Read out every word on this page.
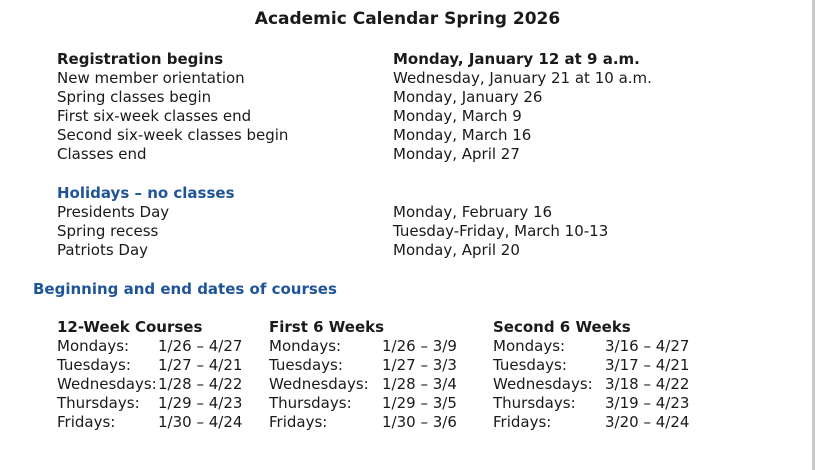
Academic Calendar Spring 2026
Registration begins	Monday, January 12 at 9 a.m.
New member orientation	Wednesday, January 21 at 10 a.m.
Spring classes begin	Monday, January 26
First six-week classes end	Monday, March 9
Second six-week classes begin	Monday, March 16
Classes end	Monday, April 27
Holidays – no classes
Presidents Day	Monday, February 16
Spring recess	Tuesday-Friday, March 10-13
Patriots Day	Monday, April 20
Beginning and end dates of courses
12-Week Courses
Mondays: 1/26 – 4/27
Tuesdays: 1/27 – 4/21
Wednesdays: 1/28 – 4/22
Thursdays: 1/29 – 4/23
Fridays:	1/30 – 4/24
First 6 Weeks
Mondays:	1/26 – 3/9
Tuesdays:	1/27 – 3/3
Wednesdays: 1/28 – 3/4
Thursdays: 1/29 – 3/5
Fridays:	1/30 – 3/6
Second 6 Weeks
Mondays:	3/16 – 4/27
Tuesdays:	3/17 – 4/21
Wednesdays: 3/18 – 4/22
Thursdays: 3/19 – 4/23
Fridays:	3/20 – 4/24
